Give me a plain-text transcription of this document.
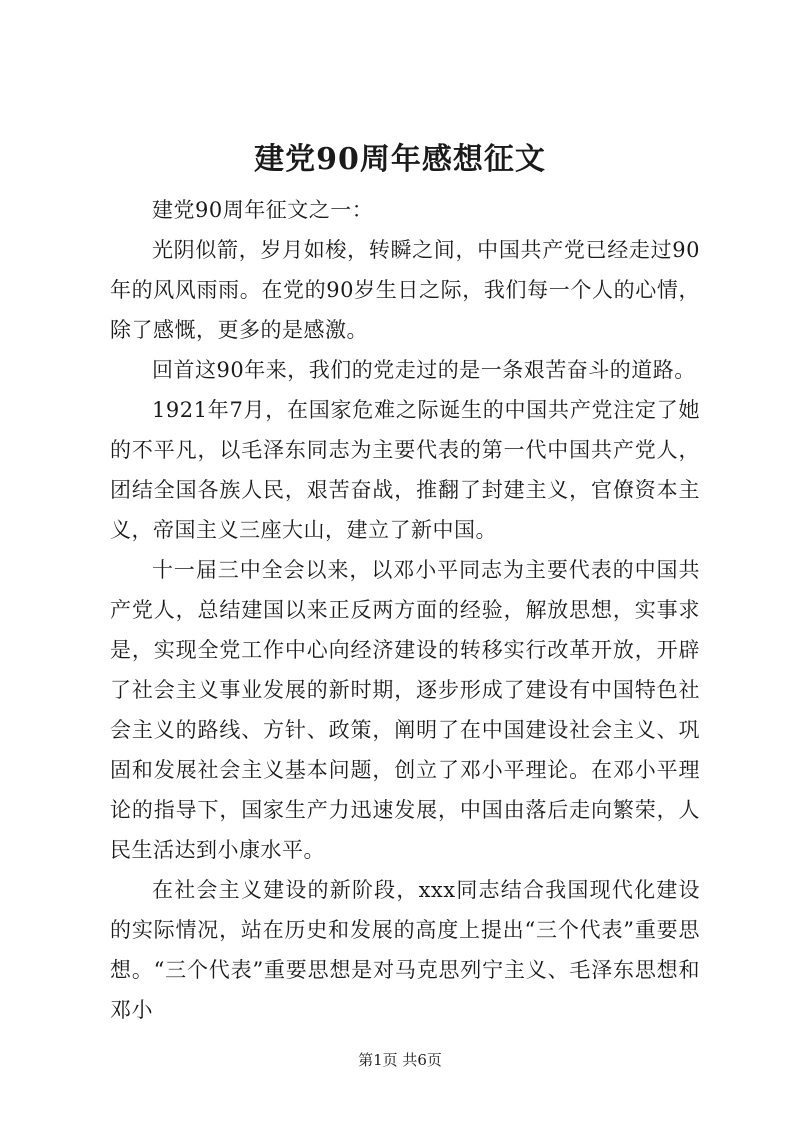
建党90周年感想征文

建党90周年征文之一：

光阴似箭，岁月如梭，转瞬之间，中国共产党已经走过90年的风风雨雨。在党的90岁生日之际，我们每一个人的心情，除了感慨，更多的是感激。

回首这90年来，我们的党走过的是一条艰苦奋斗的道路。

1921年7月，在国家危难之际诞生的中国共产党注定了她的不平凡，以毛泽东同志为主要代表的第一代中国共产党人，团结全国各族人民，艰苦奋战，推翻了封建主义，官僚资本主义，帝国主义三座大山，建立了新中国。

十一届三中全会以来，以邓小平同志为主要代表的中国共产党人，总结建国以来正反两方面的经验，解放思想，实事求是，实现全党工作中心向经济建设的转移实行改革开放，开辟了社会主义事业发展的新时期，逐步形成了建设有中国特色社会主义的路线、方针、政策，阐明了在中国建设社会主义、巩固和发展社会主义基本问题，创立了邓小平理论。在邓小平理论的指导下，国家生产力迅速发展，中国由落后走向繁荣，人民生活达到小康水平。

在社会主义建设的新阶段，xxx同志结合我国现代化建设的实际情况，站在历史和发展的高度上提出“三个代表”重要思想。“三个代表”重要思想是对马克思列宁主义、毛泽东思想和邓小

第1页 共6页
